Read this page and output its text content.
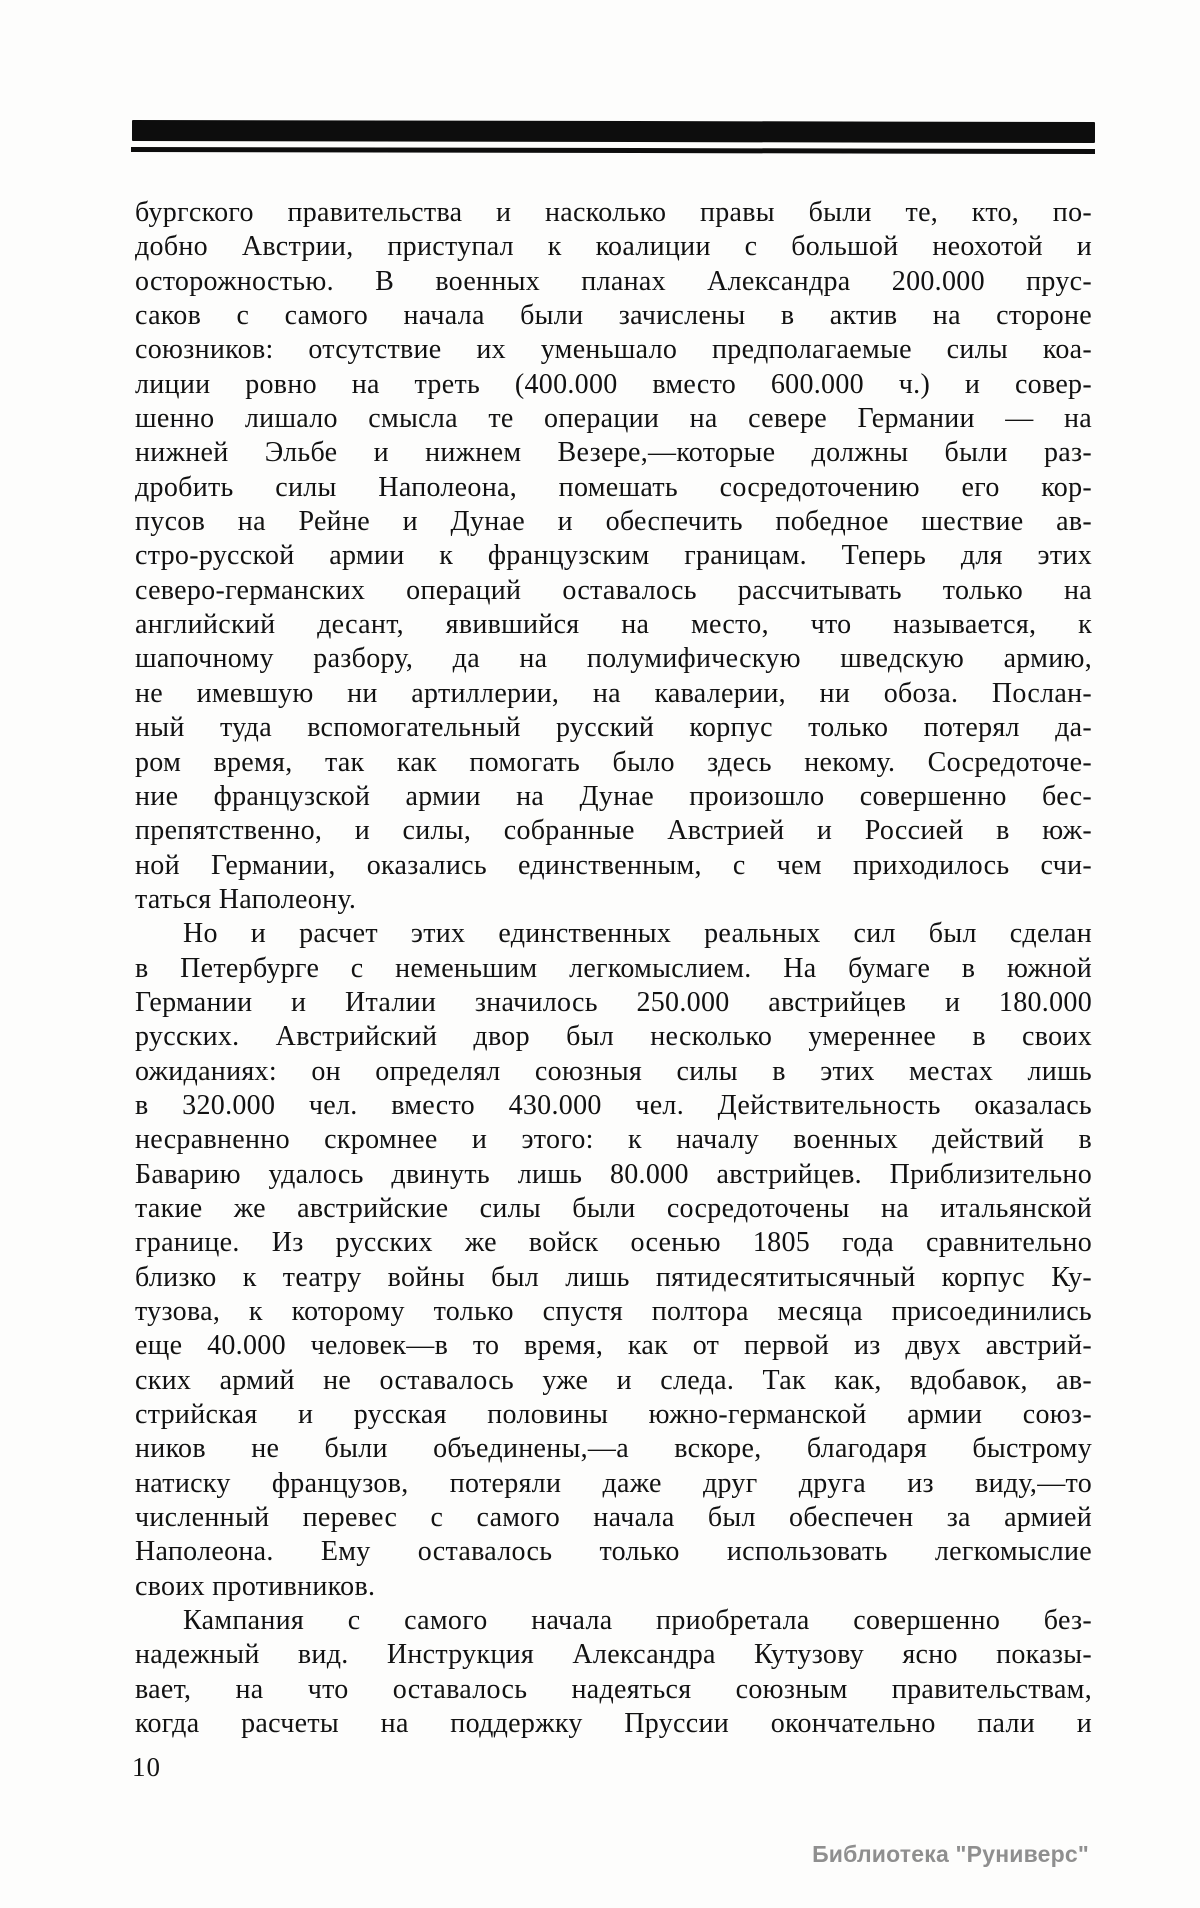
бургского правительства и насколько правы были те, кто, по-
добно Австрии, приступал к коалиции с большой неохотой и
осторожностью. В военных планах Александра 200.000 прус-
саков с самого начала были зачислены в актив на стороне
союзников: отсутствие их уменьшало предполагаемые силы коа-
лиции ровно на треть (400.000 вместо 600.000 ч.) и совер-
шенно лишало смысла те операции на севере Германии — на
нижней Эльбе и нижнем Везере,—которые должны были раз-
дробить силы Наполеона, помешать сосредоточению его кор-
пусов на Рейне и Дунае и обеспечить победное шествие ав-
стро-русской армии к французским границам. Теперь для этих
северо-германских операций оставалось рассчитывать только на
английский десант, явившийся на место, что называется, к
шапочному разбору, да на полумифическую шведскую армию,
не имевшую ни артиллерии, на кавалерии, ни обоза. Послан-
ный туда вспомогательный русский корпус только потерял да-
ром время, так как помогать было здесь некому. Сосредоточе-
ние французской армии на Дунае произошло совершенно бес-
препятственно, и силы, собранные Австрией и Россией в юж-
ной Германии, оказались единственным, с чем приходилось счи-
таться Наполеону.
Но и расчет этих единственных реальных сил был сделан
в Петербурге с неменьшим легкомыслием. На бумаге в южной
Германии и Италии значилось 250.000 австрийцев и 180.000
русских. Австрийский двор был несколько умереннее в своих
ожиданиях: он определял союзныя силы в этих местах лишь
в 320.000 чел. вместо 430.000 чел. Действительность оказалась
несравненно скромнее и этого: к началу военных действий в
Баварию удалось двинуть лишь 80.000 австрийцев. Приблизительно
такие же австрийские силы были сосредоточены на итальянской
границе. Из русских же войск осенью 1805 года сравнительно
близко к театру войны был лишь пятидесятитысячный корпус Ку-
тузова, к которому только спустя полтора месяца присоединились
еще 40.000 человек—в то время, как от первой из двух австрий-
ских армий не оставалось уже и следа. Так как, вдобавок, ав-
стрийская и русская половины южно-германской армии союз-
ников не были объединены,—а вскоре, благодаря быстрому
натиску французов, потеряли даже друг друга из виду,—то
численный перевес с самого начала был обеспечен за армией
Наполеона. Ему оставалось только использовать легкомыслие
своих противников.
Кампания с самого начала приобретала совершенно без-
надежный вид. Инструкция Александра Кутузову ясно показы-
вает, на что оставалось надеяться союзным правительствам,
когда расчеты на поддержку Пруссии окончательно пали и
10
Библиотека "Руниверс"
